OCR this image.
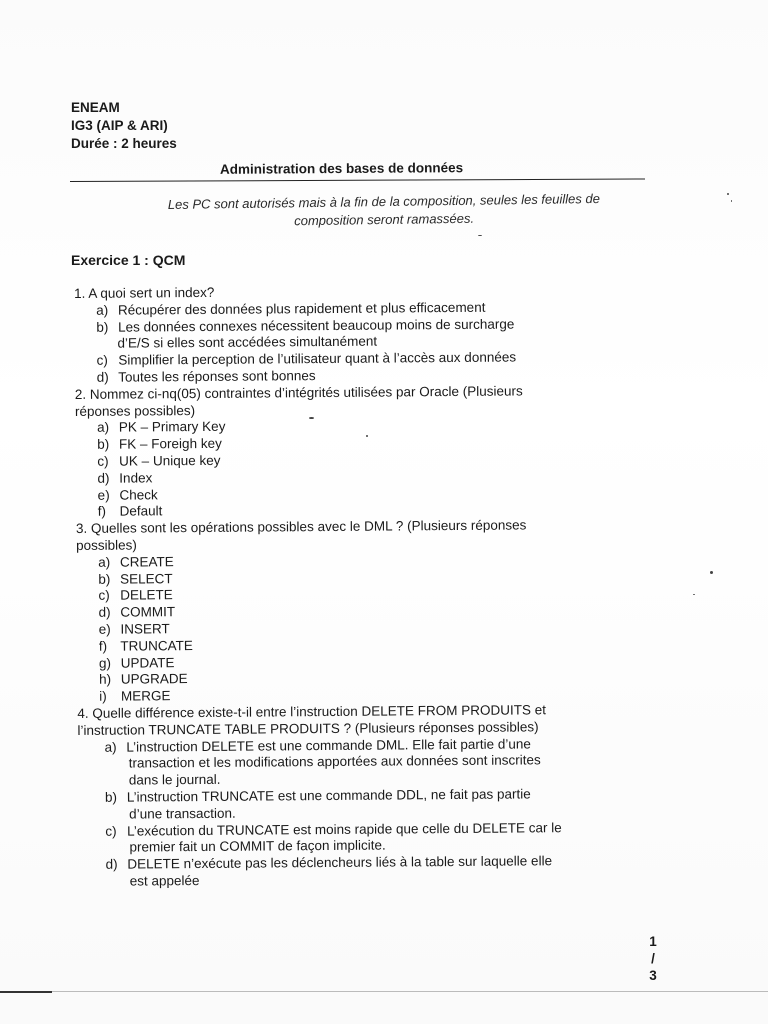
ENEAM
IG3 (AIP & ARI)
Durée : 2 heures
Administration des bases de données
Les PC sont autorisés mais à la fin de la composition, seules les feuilles de
composition seront ramassées.
Exercice 1 : QCM
1. A quoi sert un index?
a) Récupérer des données plus rapidement et plus efficacement
b) Les données connexes nécessitent beaucoup moins de surcharge
d’E/S si elles sont accédées simultanément
c) Simplifier la perception de l’utilisateur quant à l’accès aux données
d) Toutes les réponses sont bonnes
2. Nommez ci-nq(05) contraintes d’intégrités utilisées par Oracle (Plusieurs
réponses possibles)
a) PK – Primary Key
b) FK – Foreigh key
c) UK – Unique key
d) Index
e) Check
f) Default
3. Quelles sont les opérations possibles avec le DML ? (Plusieurs réponses
possibles)
a) CREATE
b) SELECT
c) DELETE
d) COMMIT
e) INSERT
f) TRUNCATE
g) UPDATE
h) UPGRADE
i) MERGE
4. Quelle différence existe-t-il entre l’instruction DELETE FROM PRODUITS et
l’instruction TRUNCATE TABLE PRODUITS ? (Plusieurs réponses possibles)
a) L’instruction DELETE est une commande DML. Elle fait partie d’une
transaction et les modifications apportées aux données sont inscrites
dans le journal.
b) L’instruction TRUNCATE est une commande DDL, ne fait pas partie
d’une transaction.
c) L’exécution du TRUNCATE est moins rapide que celle du DELETE car le
premier fait un COMMIT de façon implicite.
d) DELETE n’exécute pas les déclencheurs liés à la table sur laquelle elle
est appelée
1
/
3
